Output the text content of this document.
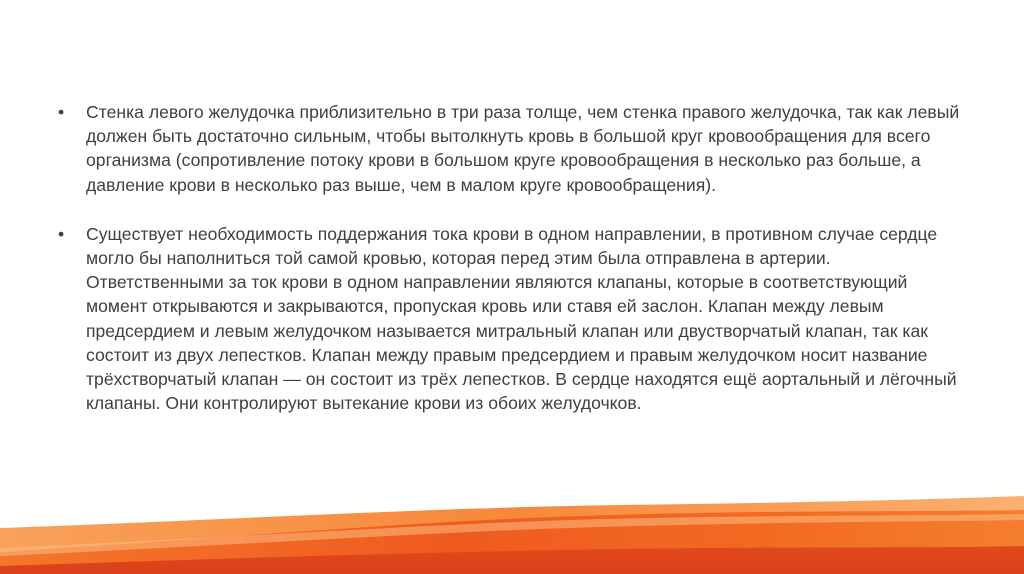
• Стенка левого желудочка приблизительно в три раза толще, чем стенка правого желудочка, так как левый должен быть достаточно сильным, чтобы вытолкнуть кровь в большой круг кровообращения для всего организма (сопротивление потоку крови в большом круге кровообращения в несколько раз больше, а давление крови в несколько раз выше, чем в малом круге кровообращения).
• Существует необходимость поддержания тока крови в одном направлении, в противном случае сердце могло бы наполниться той самой кровью, которая перед этим была отправлена в артерии. Ответственными за ток крови в одном направлении являются клапаны, которые в соответствующий момент открываются и закрываются, пропуская кровь или ставя ей заслон. Клапан между левым предсердием и левым желудочком называется митральный клапан или двустворчатый клапан, так как состоит из двух лепестков. Клапан между правым предсердием и правым желудочком носит название трёхстворчатый клапан — он состоит из трёх лепестков. В сердце находятся ещё аортальный и лёгочный клапаны. Они контролируют вытекание крови из обоих желудочков.
